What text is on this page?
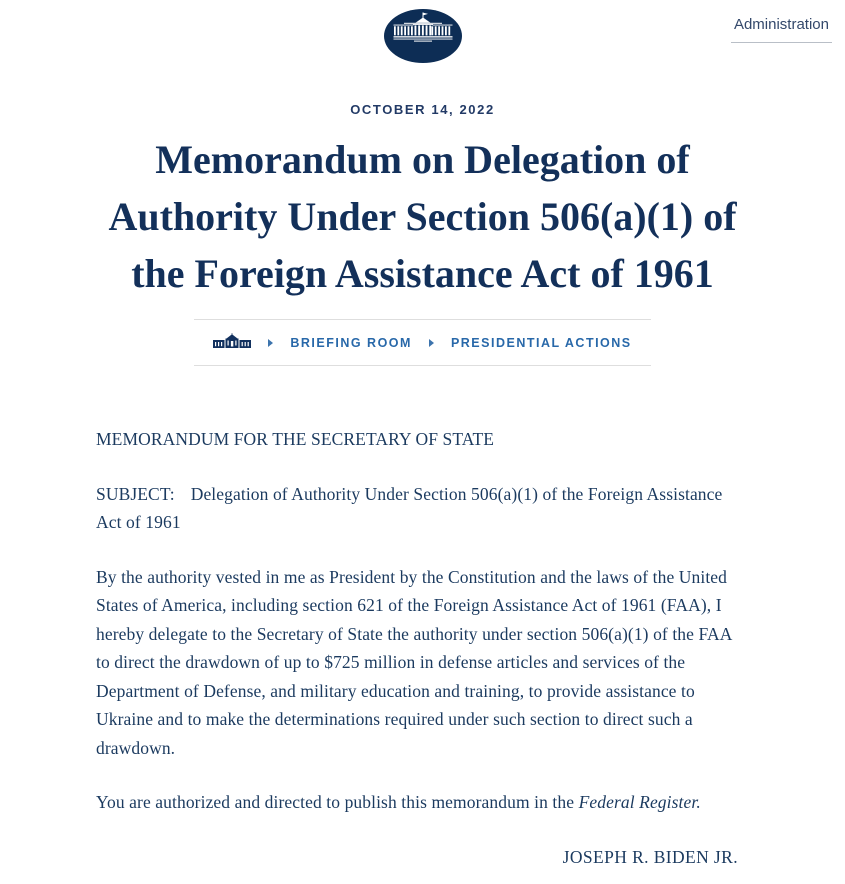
Administration
OCTOBER 14, 2022
Memorandum on Delegation of
Authority Under Section 506(a)(1) of
the Foreign Assistance Act of 1961
BRIEFING ROOM	PRESIDENTIAL ACTIONS

MEMORANDUM FOR THE SECRETARY OF STATE

SUBJECT: Delegation of Authority Under Section 506(a)(1) of the Foreign Assistance Act of 1961

By the authority vested in me as President by the Constitution and the laws of the United States of America, including section 621 of the Foreign Assistance Act of 1961 (FAA), I hereby delegate to the Secretary of State the authority under section 506(a)(1) of the FAA to direct the drawdown of up to $725 million in defense articles and services of the Department of Defense, and military education and training, to provide assistance to Ukraine and to make the determinations required under such section to direct such a drawdown.

You are authorized and directed to publish this memorandum in the Federal Register.

JOSEPH R. BIDEN JR.
